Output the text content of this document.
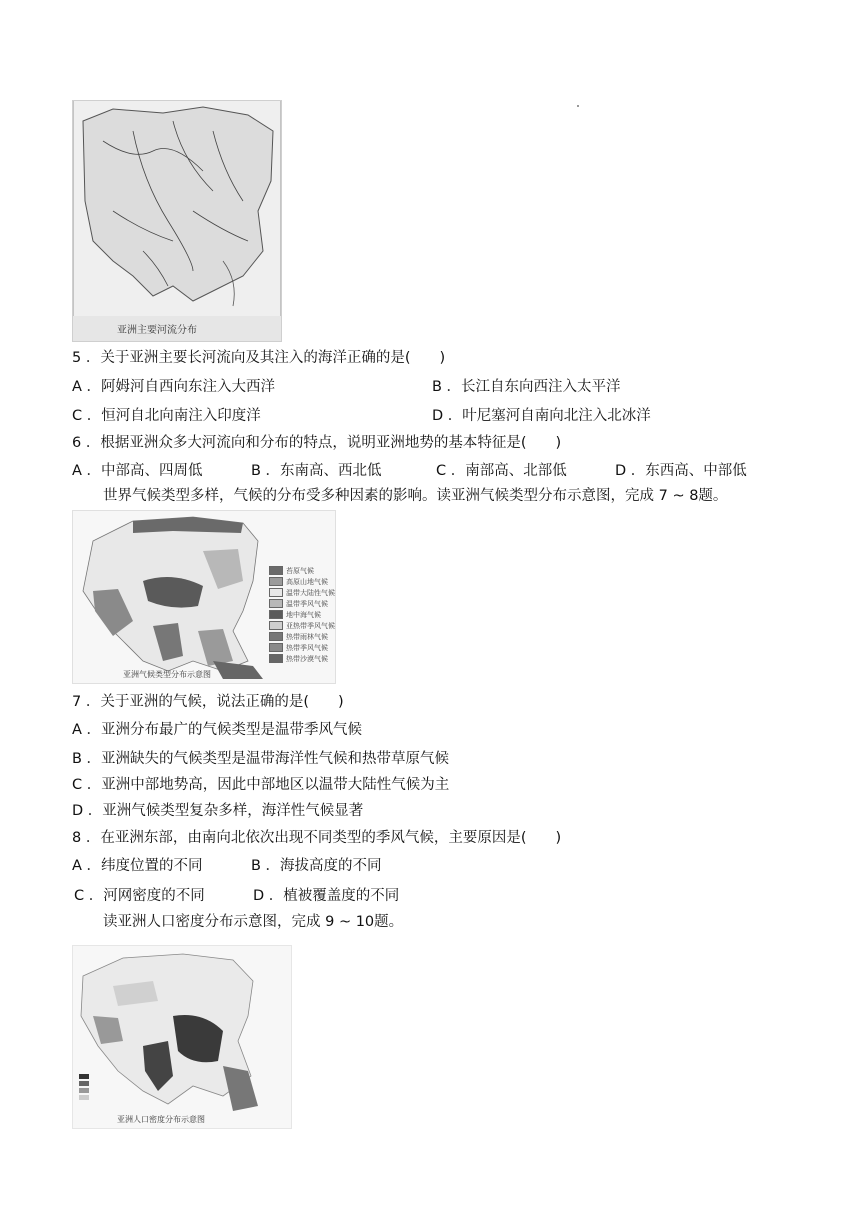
亚洲主要河流分布
5 ．关于亚洲主要长河流向及其注入的海洋正确的是(　　)
A ．阿姆河自西向东注入大西洋	B ．长江自东向西注入太平洋
C ．恒河自北向南注入印度洋	D ．叶尼塞河自南向北注入北冰洋
6 ．根据亚洲众多大河流向和分布的特点，说明亚洲地势的基本特征是(　　)
A ．中部高、四周低	B ．东南高、西北低	C ．南部高、北部低	D ．东西高、中部低
世界气候类型多样，气候的分布受多种因素的影响。读亚洲气候类型分布示意图，完成 7 ~ 8题。
苔原气候
高原山地气候
温带大陆性气候
温带季风气候
地中海气候
亚热带季风气候
热带雨林气候
热带季风气候
热带沙漠气候
亚洲气候类型分布示意图
7 ．关于亚洲的气候，说法正确的是(　　)
A ．亚洲分布最广的气候类型是温带季风气候
B ．亚洲缺失的气候类型是温带海洋性气候和热带草原气候
C ．亚洲中部地势高，因此中部地区以温带大陆性气候为主
D ．亚洲气候类型复杂多样，海洋性气候显著
8 ．在亚洲东部，由南向北依次出现不同类型的季风气候，主要原因是(　　)
A ．纬度位置的不同	B ．海拔高度的不同
C ．河网密度的不同	D ．植被覆盖度的不同
读亚洲人口密度分布示意图，完成 9 ~ 10题。
亚洲人口密度分布示意图
